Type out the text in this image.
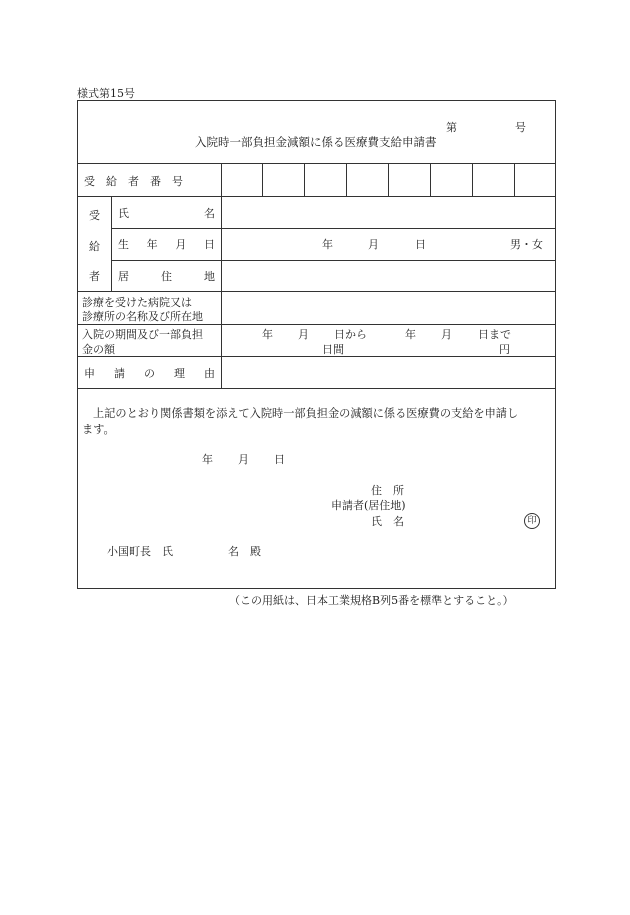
様式第15号
第	号
入院時一部負担金減額に係る医療費支給申請書
受　給　者　番　号
受
給
者
氏	名
生 年 月 日	年	月	日	男・女
居	住	地
診療を受けた病院又は
診療所の名称及び所在地
入院の期間及び一部負担
金の額
年 月 日から	年 月 日まで
日間	円
申 請 の 理 由
上記のとおり関係書類を添えて入院時一部負担金の減額に係る医療費の支給を申請し
ます。
年 月 日
住　所
申請者(居住地)
氏　名	印
小国町長　氏　　　　　名　殿
（この用紙は、日本工業規格B列5番を標準とすること。）
